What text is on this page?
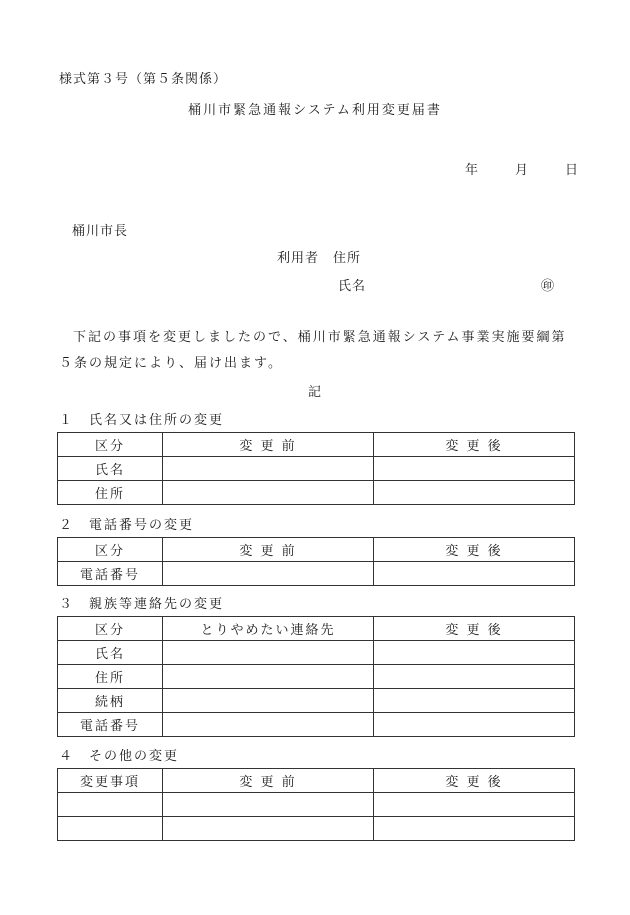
様式第３号（第５条関係）
桶川市緊急通報システム利用変更届書
年	月	日
桶川市長
利用者　 住所
氏名	㊞
下記の事項を変更しましたので、桶川市緊急通報システム事業実施要綱第５条の規定により、届け出ます。
記
１　氏名又は住所の変更
区分	変 更 前	変 更 後
氏名		
住所		
２　電話番号の変更
区分	変 更 前	変 更 後
電話番号		
３　親族等連絡先の変更
区分	とりやめたい連絡先	変 更 後
氏名		
住所		
続柄		
電話番号		
４　その他の変更
変更事項	変 更 前	変 更 後
